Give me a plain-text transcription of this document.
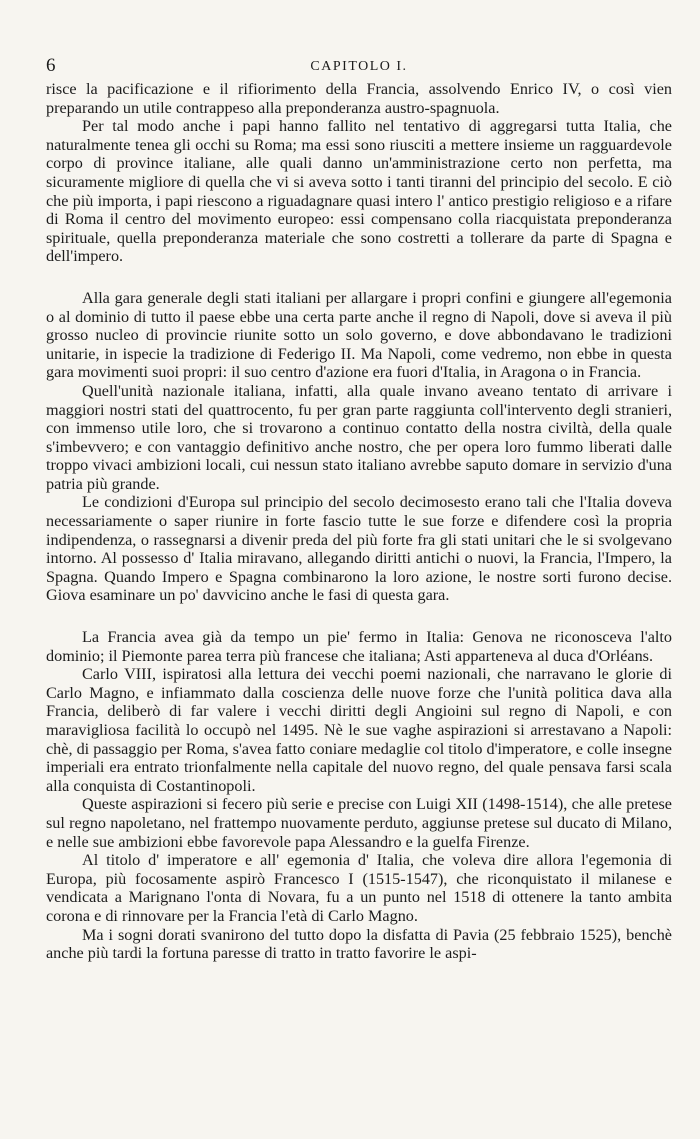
6	CAPITOLO I.

risce la pacificazione e il rifiorimento della Francia, assolvendo Enrico IV, o così vien preparando un utile contrappeso alla preponderanza austro-spagnuola.

Per tal modo anche i papi hanno fallito nel tentativo di aggregarsi tutta Italia, che naturalmente tenea gli occhi su Roma; ma essi sono riusciti a mettere insieme un ragguardevole corpo di province italiane, alle quali danno un'amministrazione certo non perfetta, ma sicuramente migliore di quella che vi si aveva sotto i tanti tiranni del principio del secolo. E ciò che più importa, i papi riescono a riguadagnare quasi intero l' antico prestigio religioso e a rifare di Roma il centro del movimento europeo: essi compensano colla riacquistata preponderanza spirituale, quella preponderanza materiale che sono costretti a tollerare da parte di Spagna e dell'impero.

Alla gara generale degli stati italiani per allargare i propri confini e giungere all'egemonia o al dominio di tutto il paese ebbe una certa parte anche il regno di Napoli, dove si aveva il più grosso nucleo di provincie riunite sotto un solo governo, e dove abbondavano le tradizioni unitarie, in ispecie la tradizione di Federigo II. Ma Napoli, come vedremo, non ebbe in questa gara movimenti suoi propri: il suo centro d'azione era fuori d'Italia, in Aragona o in Francia.

Quell'unità nazionale italiana, infatti, alla quale invano aveano tentato di arrivare i maggiori nostri stati del quattrocento, fu per gran parte raggiunta coll'intervento degli stranieri, con immenso utile loro, che si trovarono a continuo contatto della nostra civiltà, della quale s'imbevvero; e con vantaggio definitivo anche nostro, che per opera loro fummo liberati dalle troppo vivaci ambizioni locali, cui nessun stato italiano avrebbe saputo domare in servizio d'una patria più grande.

Le condizioni d'Europa sul principio del secolo decimosesto erano tali che l'Italia doveva necessariamente o saper riunire in forte fascio tutte le sue forze e difendere così la propria indipendenza, o rassegnarsi a divenir preda del più forte fra gli stati unitari che le si svolgevano intorno. Al possesso d' Italia miravano, allegando diritti antichi o nuovi, la Francia, l'Impero, la Spagna. Quando Impero e Spagna combinarono la loro azione, le nostre sorti furono decise. Giova esaminare un po' davvicino anche le fasi di questa gara.

La Francia avea già da tempo un pie' fermo in Italia: Genova ne riconosceva l'alto dominio; il Piemonte parea terra più francese che italiana; Asti apparteneva al duca d'Orléans.

Carlo VIII, ispiratosi alla lettura dei vecchi poemi nazionali, che narravano le glorie di Carlo Magno, e infiammato dalla coscienza delle nuove forze che l'unità politica dava alla Francia, deliberò di far valere i vecchi diritti degli Angioini sul regno di Napoli, e con maravigliosa facilità lo occupò nel 1495. Nè le sue vaghe aspirazioni si arrestavano a Napoli: chè, di passaggio per Roma, s'avea fatto coniare medaglie col titolo d'imperatore, e colle insegne imperiali era entrato trionfalmente nella capitale del nuovo regno, del quale pensava farsi scala alla conquista di Costantinopoli.

Queste aspirazioni si fecero più serie e precise con Luigi XII (1498-1514), che alle pretese sul regno napoletano, nel frattempo nuovamente perduto, aggiunse pretese sul ducato di Milano, e nelle sue ambizioni ebbe favorevole papa Alessandro e la guelfa Firenze.

Al titolo d' imperatore e all' egemonia d' Italia, che voleva dire allora l'egemonia di Europa, più focosamente aspirò Francesco I (1515-1547), che riconquistato il milanese e vendicata a Marignano l'onta di Novara, fu a un punto nel 1518 di ottenere la tanto ambita corona e di rinnovare per la Francia l'età di Carlo Magno.

Ma i sogni dorati svanirono del tutto dopo la disfatta di Pavia (25 febbraio 1525), benchè anche più tardi la fortuna paresse di tratto in tratto favorire le aspi-
